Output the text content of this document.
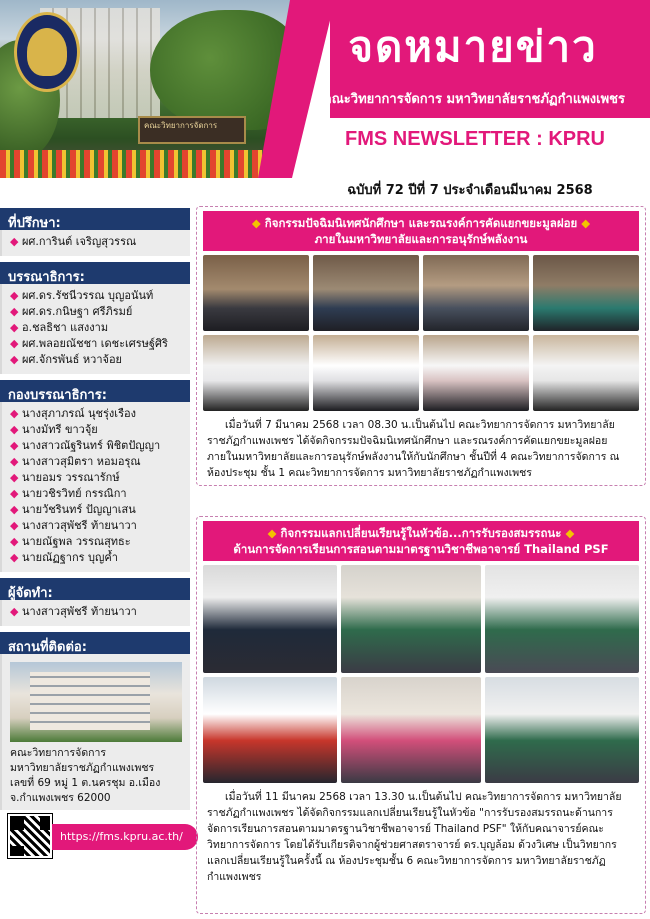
คณะวิทยาการจัดการ
จดหมายข่าว
คณะวิทยาการจัดการ มหาวิทยาลัยราชภัฏกำแพงเพชร
FMS NEWSLETTER : KPRU
ฉบับที่ 72 ปีที่ 7 ประจำเดือนมีนาคม 2568
ที่ปรึกษา:
◆ ผศ.การินต์ เจริญสุวรรณ
บรรณาธิการ:
◆ ผศ.ดร.รัชนีวรรณ บุญอนันท์
◆ ผศ.ดร.กนิษฐา ศรีภิรมย์
◆ อ.ชลธิชา แสงงาม
◆ ผศ.พลอยณัชชา เดชะเศรษฐ์ศิริ
◆ ผศ.จักรพันธ์ หวาจ้อย
กองบรรณาธิการ:
◆ นางสุภาภรณ์ นุชรุ่งเรือง
◆ นางมัทรี ขาวจุ้ย
◆ นางสาวณัฐรินทร์ พิชิตปัญญา
◆ นางสาวสุมิตรา หอมอรุณ
◆ นายอมร วรรณารักษ์
◆ นายวชิรวิทย์ กรรณิกา
◆ นายวัชรินทร์ ปัญญาเสน
◆ นางสาวสุพัชรี ท้ายนาวา
◆ นายณัฐพล วรรณสุทธะ
◆ นายณัฏฐากร บุญค้ำ
ผู้จัดทำ:
◆ นางสาวสุพัชรี ท้ายนาวา
สถานที่ติดต่อ:
คณะวิทยาการจัดการ
มหาวิทยาลัยราชภัฏกำแพงเพชร
เลขที่ 69 หมู่ 1 ต.นครชุม อ.เมือง
จ.กำแพงเพชร 62000
https://fms.kpru.ac.th/
◆ กิจกรรมปัจฉิมนิเทศนักศึกษา และรณรงค์การคัดแยกขยะมูลฝอย ◆
ภายในมหาวิทยาลัยและการอนุรักษ์พลังงาน
เมื่อวันที่ 7 มีนาคม 2568 เวลา 08.30 น.เป็นต้นไป คณะวิทยาการจัดการ มหาวิทยาลัยราชภัฏกำแพงเพชร ได้จัดกิจกรรมปัจฉิมนิเทศนักศึกษา และรณรงค์การคัดแยกขยะมูลฝอยภายในมหาวิทยาลัยและการอนุรักษ์พลังงานให้กับนักศึกษา ชั้นปีที่ 4 คณะวิทยาการจัดการ ณ ห้องประชุม ชั้น 1 คณะวิทยาการจัดการ มหาวิทยาลัยราชภัฏกำแพงเพชร
◆ กิจกรรมแลกเปลี่ยนเรียนรู้ในหัวข้อ...การรับรองสมรรถนะ ◆
ด้านการจัดการเรียนการสอนตามมาตรฐานวิชาชีพอาจารย์ Thailand PSF
เมื่อวันที่ 11 มีนาคม 2568 เวลา 13.30 น.เป็นต้นไป คณะวิทยาการจัดการ มหาวิทยาลัยราชภัฏกำแพงเพชร ได้จัดกิจกรรมแลกเปลี่ยนเรียนรู้ในหัวข้อ "การรับรองสมรรถนะด้านการจัดการเรียนการสอนตามมาตรฐานวิชาชีพอาจารย์ Thailand PSF" ให้กับคณาจารย์คณะวิทยาการจัดการ โดยได้รับเกียรติจากผู้ช่วยศาสตราจารย์ ดร.บุญล้อม ด้วงวิเศษ เป็นวิทยากรแลกเปลี่ยนเรียนรู้ในครั้งนี้ ณ ห้องประชุมชั้น 6 คณะวิทยาการจัดการ มหาวิทยาลัยราชภัฏกำแพงเพชร
